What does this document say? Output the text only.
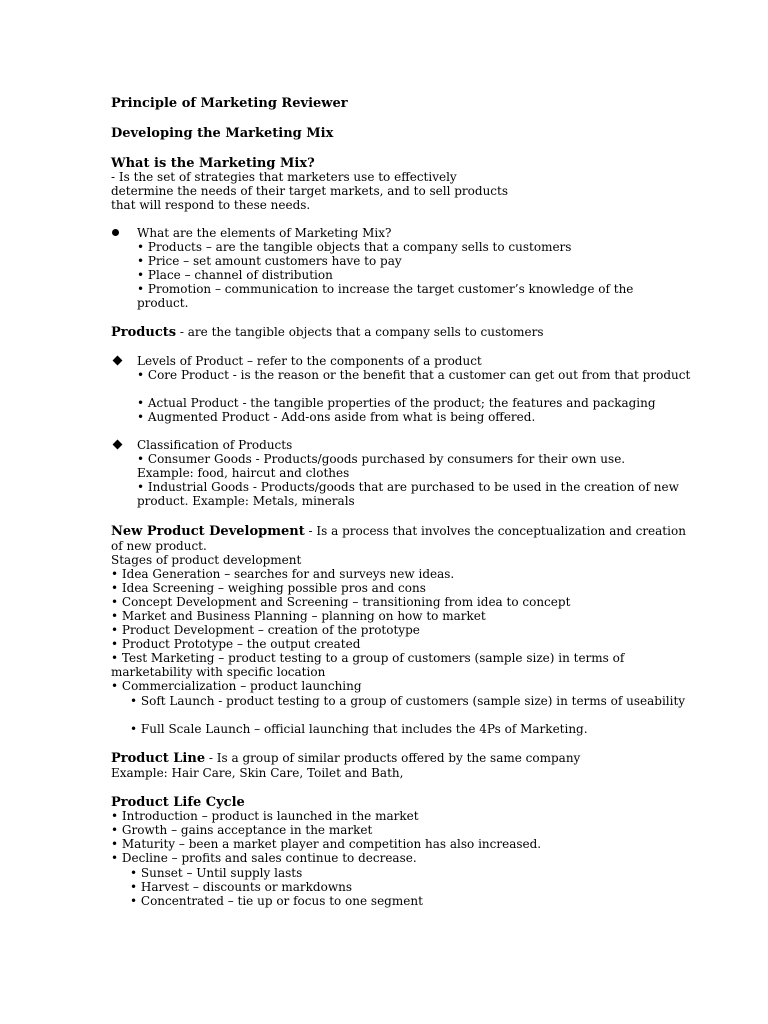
Principle of Marketing Reviewer
Developing the Marketing Mix
What is the Marketing Mix?
- Is the set of strategies that marketers use to effectively
determine the needs of their target markets, and to sell products
that will respond to these needs.
What are the elements of Marketing Mix?
• Products – are the tangible objects that a company sells to customers
• Price – set amount customers have to pay
• Place – channel of distribution
• Promotion – communication to increase the target customer’s knowledge of the
product.
Products - are the tangible objects that a company sells to customers
Levels of Product – refer to the components of a product
• Core Product - is the reason or the benefit that a customer can get out from that product
• Actual Product - the tangible properties of the product; the features and packaging
• Augmented Product - Add-ons aside from what is being offered.
Classification of Products
• Consumer Goods - Products/goods purchased by consumers for their own use.
Example: food, haircut and clothes
• Industrial Goods - Products/goods that are purchased to be used in the creation of new
product. Example: Metals, minerals
New Product Development - Is a process that involves the conceptualization and creation
of new product.
Stages of product development
• Idea Generation – searches for and surveys new ideas.
• Idea Screening – weighing possible pros and cons
• Concept Development and Screening – transitioning from idea to concept
• Market and Business Planning – planning on how to market
• Product Development – creation of the prototype
• Product Prototype – the output created
• Test Marketing – product testing to a group of customers (sample size) in terms of
marketability with specific location
• Commercialization – product launching
• Soft Launch - product testing to a group of customers (sample size) in terms of useability
• Full Scale Launch – official launching that includes the 4Ps of Marketing.
Product Line - Is a group of similar products offered by the same company
Example: Hair Care, Skin Care, Toilet and Bath,
Product Life Cycle
• Introduction – product is launched in the market
• Growth – gains acceptance in the market
• Maturity – been a market player and competition has also increased.
• Decline – profits and sales continue to decrease.
• Sunset – Until supply lasts
• Harvest – discounts or markdowns
• Concentrated – tie up or focus to one segment
